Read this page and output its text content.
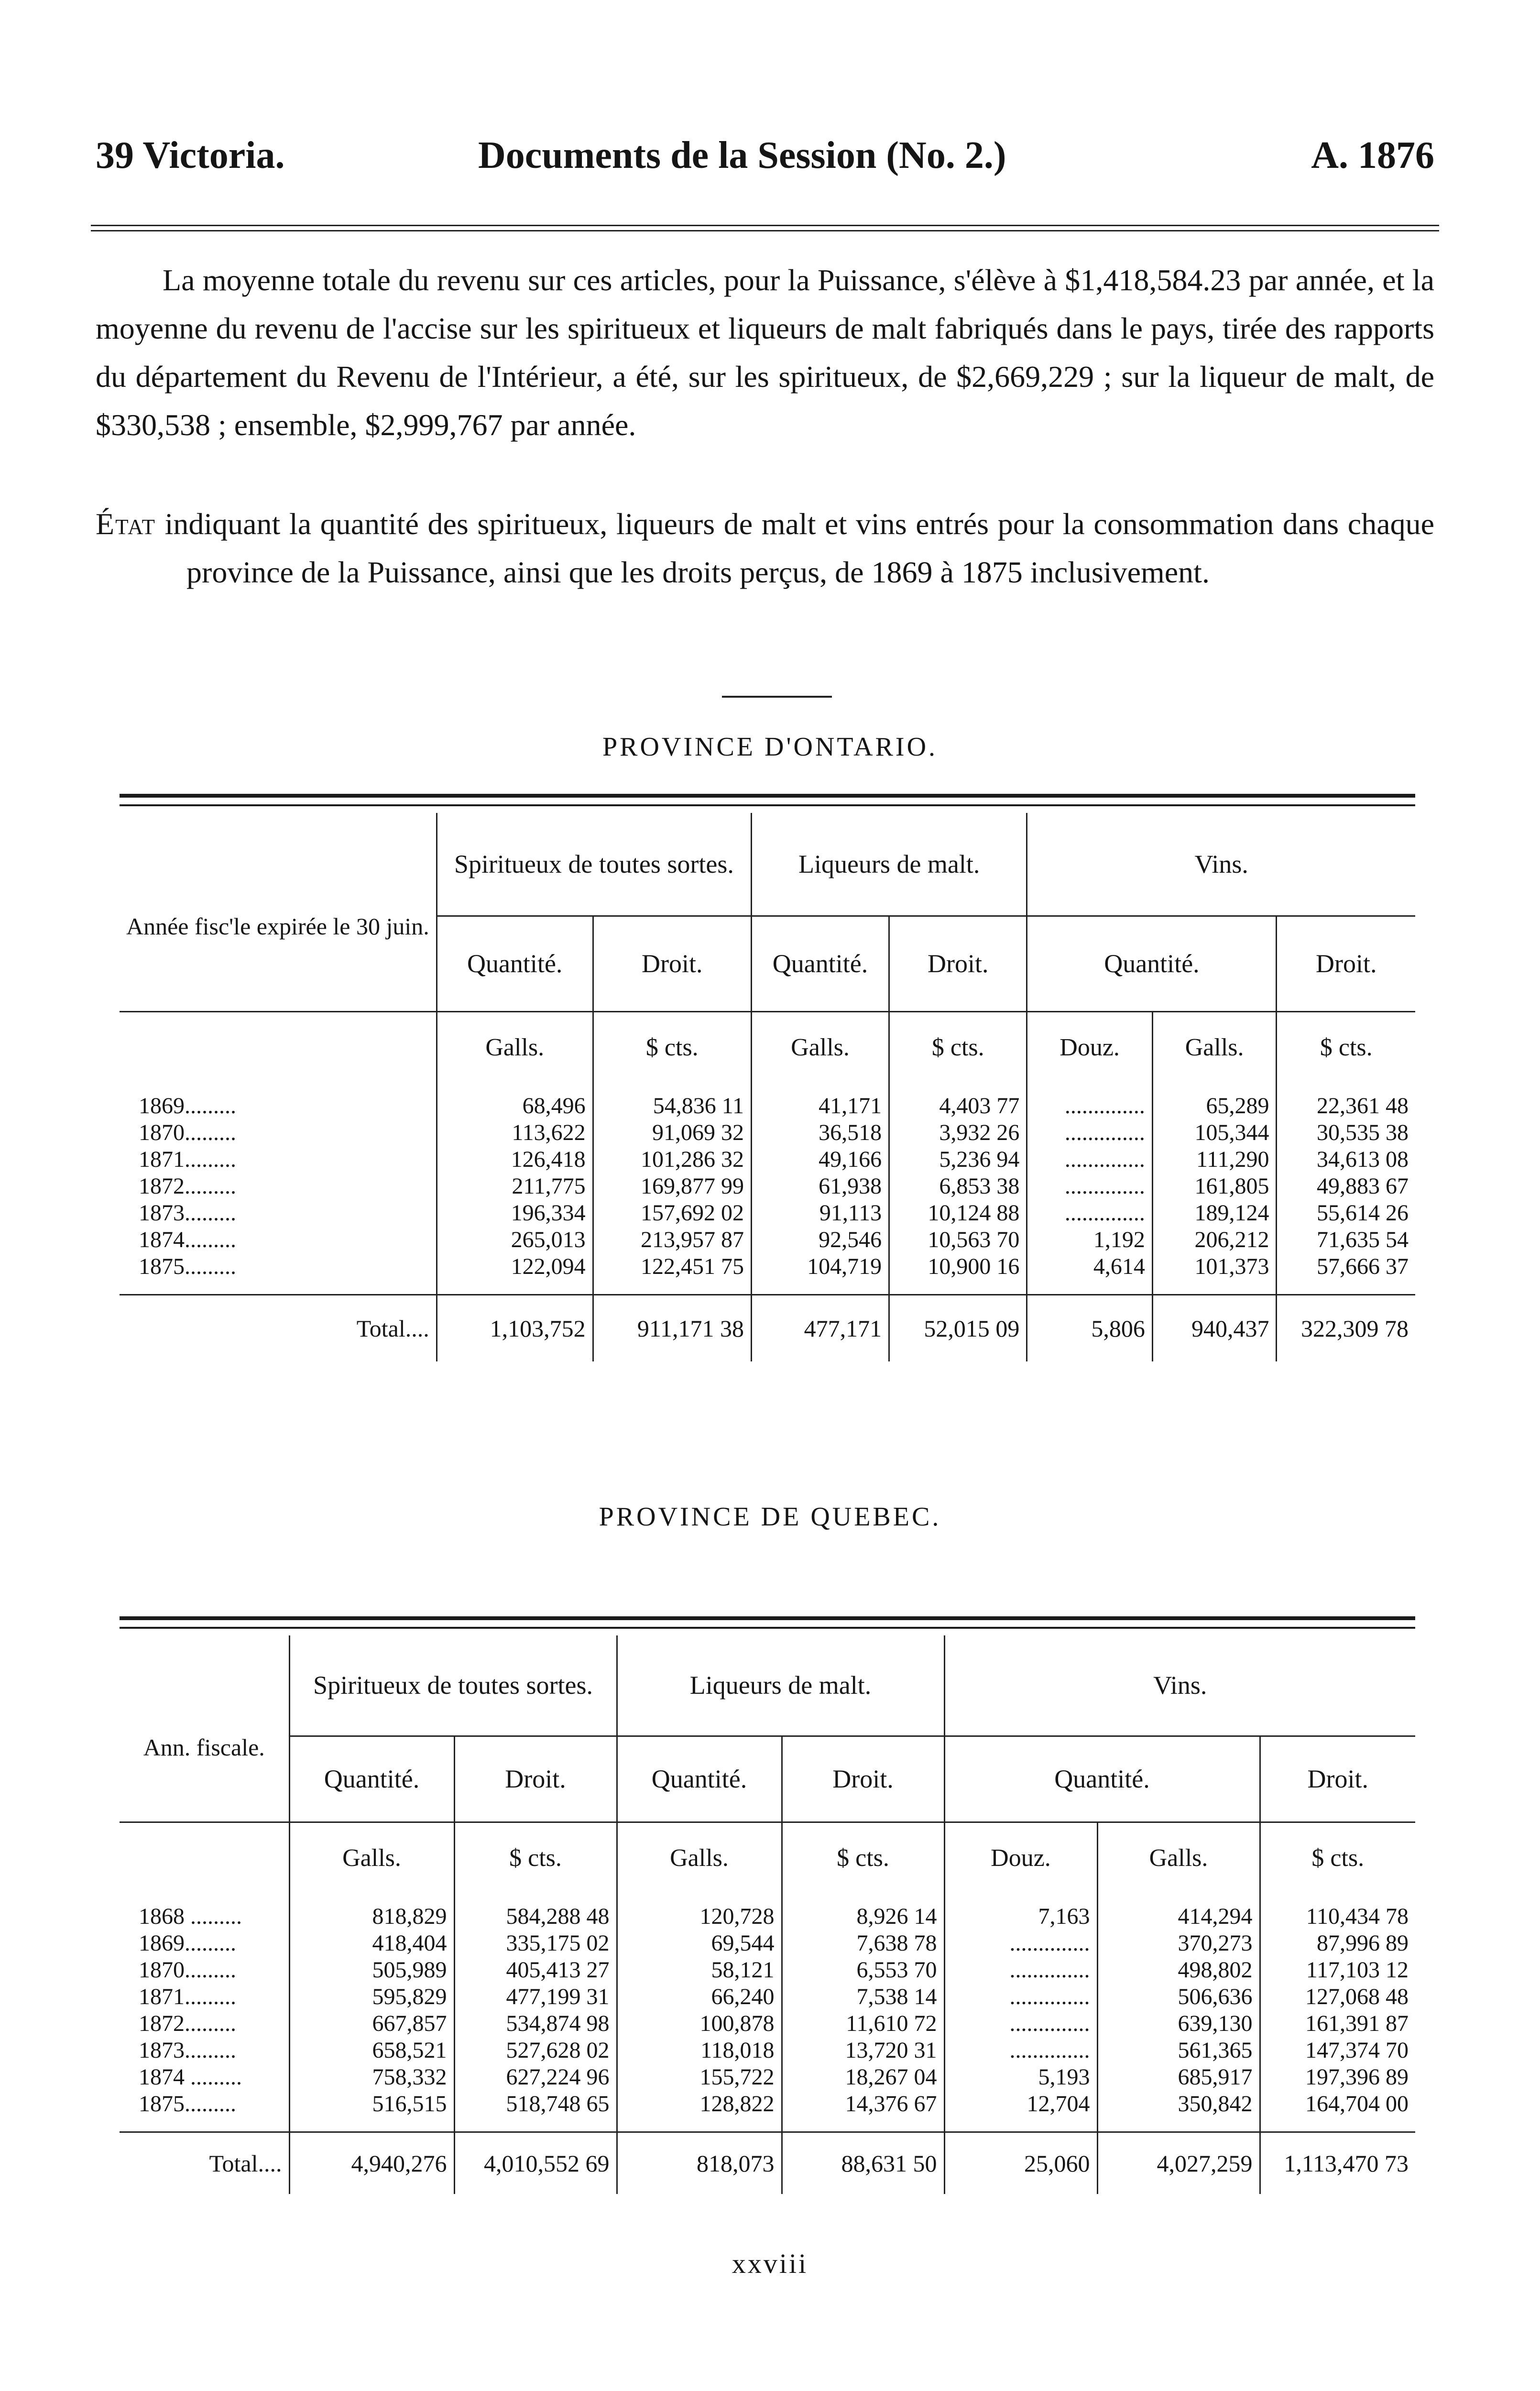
39 Victoria.	Documents de la Session (No. 2.)	A. 1876

La moyenne totale du revenu sur ces articles, pour la Puissance, s'élève à $1,418,584.23 par année, et la moyenne du revenu de l'accise sur les spiritueux et liqueurs de malt fabriqués dans le pays, tirée des rapports du département du Revenu de l'Intérieur, a été, sur les spiritueux, de $2,669,229 ; sur la liqueur de malt, de $330,538 ; ensemble, $2,999,767 par année.

État indiquant la quantité des spiritueux, liqueurs de malt et vins entrés pour la consommation dans chaque province de la Puissance, ainsi que les droits perçus, de 1869 à 1875 inclusivement.

PROVINCE D'ONTARIO.
Année fisc'le expirée le 30 juin.	Spiritueux de toutes sortes.		Liqueurs de malt.		Vins.		
	Quantité.	Droit.	Quantité.	Droit.	Quantité.		Droit.
	Galls.	$ cts.	Galls.	$ cts.	Douz.	Galls.	$ cts.
1869.........	68,496	54,836 11	41,171	4,403 77	..............	65,289	22,361 48
1870.........	113,622	91,069 32	36,518	3,932 26	..............	105,344	30,535 38
1871.........	126,418	101,286 32	49,166	5,236 94	..............	111,290	34,613 08
1872.........	211,775	169,877 99	61,938	6,853 38	..............	161,805	49,883 67
1873.........	196,334	157,692 02	91,113	10,124 88	..............	189,124	55,614 26
1874.........	265,013	213,957 87	92,546	10,563 70	1,192	206,212	71,635 54
1875.........	122,094	122,451 75	104,719	10,900 16	4,614	101,373	57,666 37

Total....	1,103,752	911,171 38	477,171	52,015 09	5,806	940,437	322,309 78
PROVINCE DE QUEBEC.
Ann. fiscale.	Spiritueux de toutes sortes.		Liqueurs de malt.		Vins.		
	Quantité.	Droit.	Quantité.	Droit.	Quantité.		Droit.
	Galls.	$ cts.	Galls.	$ cts.	Douz.	Galls.	$ cts.
1868 .........	818,829	584,288 48	120,728	8,926 14	7,163	414,294	110,434 78
1869.........	418,404	335,175 02	69,544	7,638 78	..............	370,273	87,996 89
1870.........	505,989	405,413 27	58,121	6,553 70	..............	498,802	117,103 12
1871.........	595,829	477,199 31	66,240	7,538 14	..............	506,636	127,068 48
1872.........	667,857	534,874 98	100,878	11,610 72	..............	639,130	161,391 87
1873.........	658,521	527,628 02	118,018	13,720 31	..............	561,365	147,374 70
1874 .........	758,332	627,224 96	155,722	18,267 04	5,193	685,917	197,396 89
1875.........	516,515	518,748 65	128,822	14,376 67	12,704	350,842	164,704 00

Total....	4,940,276	4,010,552 69	818,073	88,631 50	25,060	4,027,259	1,113,470 73
xxviii
